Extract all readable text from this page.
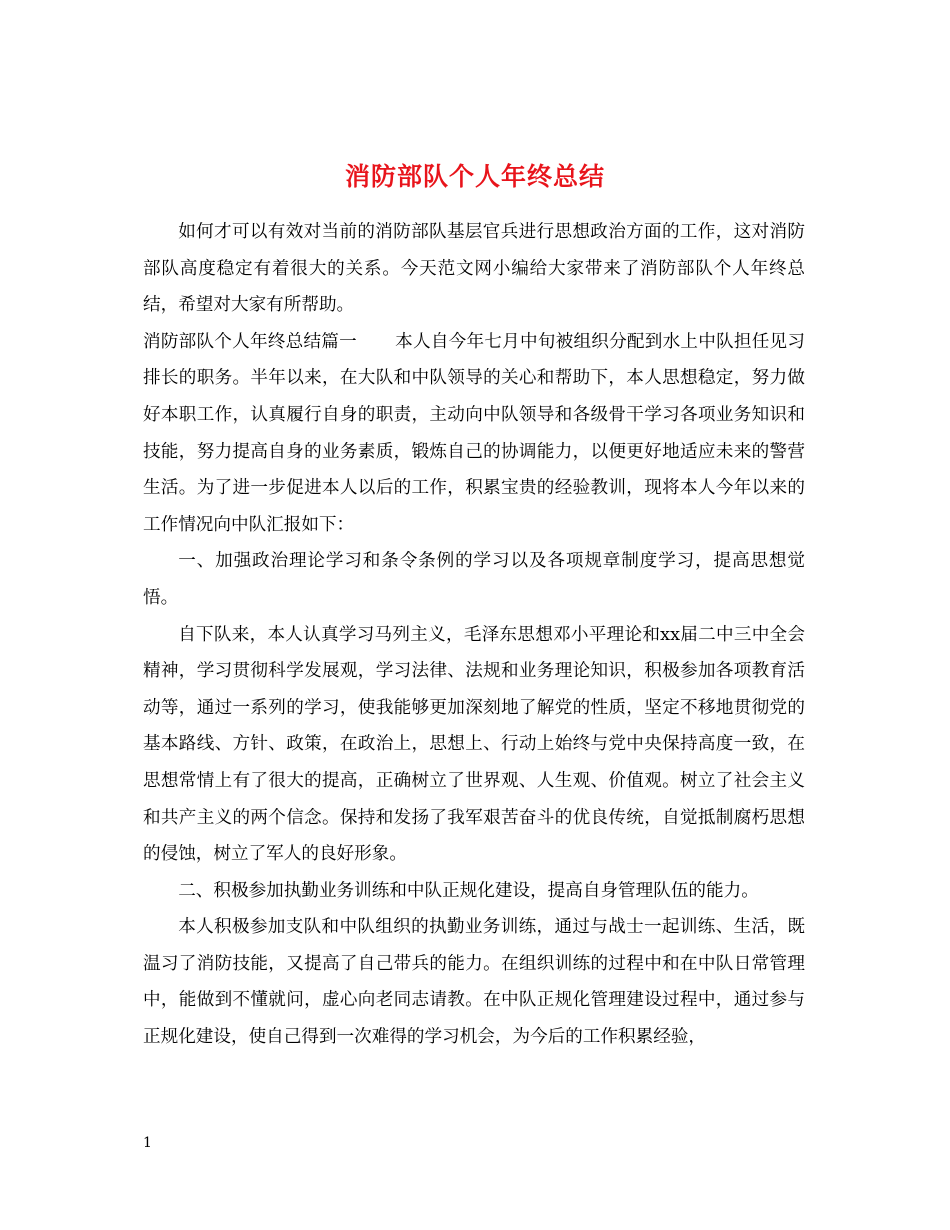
消防部队个人年终总结

如何才可以有效对当前的消防部队基层官兵进行思想政治方面的工作，这对消防部队高度稳定有着很大的关系。今天范文网小编给大家带来了消防部队个人年终总结，希望对大家有所帮助。

消防部队个人年终总结篇一 本人自今年七月中旬被组织分配到水上中队担任见习排长的职务。半年以来，在大队和中队领导的关心和帮助下，本人思想稳定，努力做好本职工作，认真履行自身的职责，主动向中队领导和各级骨干学习各项业务知识和技能，努力提高自身的业务素质，锻炼自己的协调能力，以便更好地适应未来的警营生活。为了进一步促进本人以后的工作，积累宝贵的经验教训，现将本人今年以来的工作情况向中队汇报如下：

一、加强政治理论学习和条令条例的学习以及各项规章制度学习，提高思想觉悟。

自下队来，本人认真学习马列主义，毛泽东思想邓小平理论和xx届二中三中全会精神，学习贯彻科学发展观，学习法律、法规和业务理论知识，积极参加各项教育活动等，通过一系列的学习，使我能够更加深刻地了解党的性质，坚定不移地贯彻党的基本路线、方针、政策，在政治上，思想上、行动上始终与党中央保持高度一致，在思想常情上有了很大的提高，正确树立了世界观、人生观、价值观。树立了社会主义和共产主义的两个信念。保持和发扬了我军艰苦奋斗的优良传统，自觉抵制腐朽思想的侵蚀，树立了军人的良好形象。

二、积极参加执勤业务训练和中队正规化建设，提高自身管理队伍的能力。

本人积极参加支队和中队组织的执勤业务训练，通过与战士一起训练、生活，既温习了消防技能，又提高了自己带兵的能力。在组织训练的过程中和在中队日常管理中，能做到不懂就问，虚心向老同志请教。在中队正规化管理建设过程中，通过参与正规化建设，使自己得到一次难得的学习机会，为今后的工作积累经验，

1
